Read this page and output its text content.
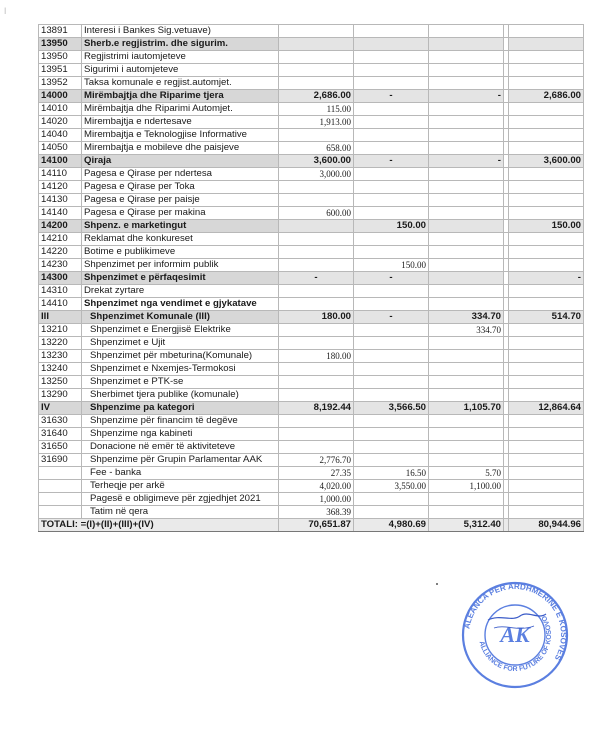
ǀ
13891	Interesi i Bankes Sig.vetuave)					
13950	Sherb.e regjistrim. dhe sigurim.					
13950	Regjistrimi iautomjeteve					
13951	Sigurimi i automjeteve					
13952	Taksa komunale e regjist.automjet.					
14000	Mirëmbajtja dhe Riparime tjera	2,686.00	-	-		2,686.00
14010	Mirëmbajtja dhe Riparimi Automjet.	115.00				
14020	Mirembajtja e ndertesave	1,913.00				
14040	Mirembajtja e Teknologjise Informative					
14050	Mirembajtja e mobileve dhe paisjeve	658.00				
14100	Qiraja	3,600.00	-	-		3,600.00
14110	Pagesa e Qirase per ndertesa	3,000.00				
14120	Pagesa e Qirase per Toka					
14130	Pagesa e Qirase per paisje					
14140	Pagesa e Qirase per makina	600.00				
14200	Shpenz. e marketingut		150.00			150.00
14210	Reklamat dhe konkureset					
14220	Botime e publikimeve					
14230	Shpenzimet per informim publik		150.00			
14300	Shpenzimet e përfaqesimit	-	-			-
14310	Drekat zyrtare					
14410	Shpenzimet nga vendimet e gjykatave					
III	Shpenzimet Komunale (III)	180.00	-	334.70		514.70
13210	Shpenzimet e Energjisë Elektrike			334.70		
13220	Shpenzimet e Ujit					
13230	Shpenzimet për mbeturina(Komunale)	180.00				
13240	Shpenzimet e Nxemjes-Termokosi					
13250	Shpenzimet e PTK-se					
13290	Sherbimet tjera publike (komunale)					
IV	Shpenzime pa kategori	8,192.44	3,566.50	1,105.70		12,864.64
31630	Shpenzime për financim të degëve					
31640	Shpenzime nga kabineti					
31650	Donacione në emër të aktiviteteve					
31690	Shpenzime për Grupin Parlamentar AAK	2,776.70				
	Fee - banka	27.35	16.50	5.70		
	Terheqje per arkë	4,020.00	3,550.00	1,100.00		
	Pagesë e obligimeve për zgjedhjet 2021	1,000.00				
	Tatim në qera	368.39				
TOTALI: =(I)+(II)+(III)+(IV)		70,651.87	4,980.69	5,312.40		80,944.96
ALEANCA PËR ARDHMËRINË E KOSOVËS
ALLIANCE FOR FUTURE OF KOSOVO
AK
